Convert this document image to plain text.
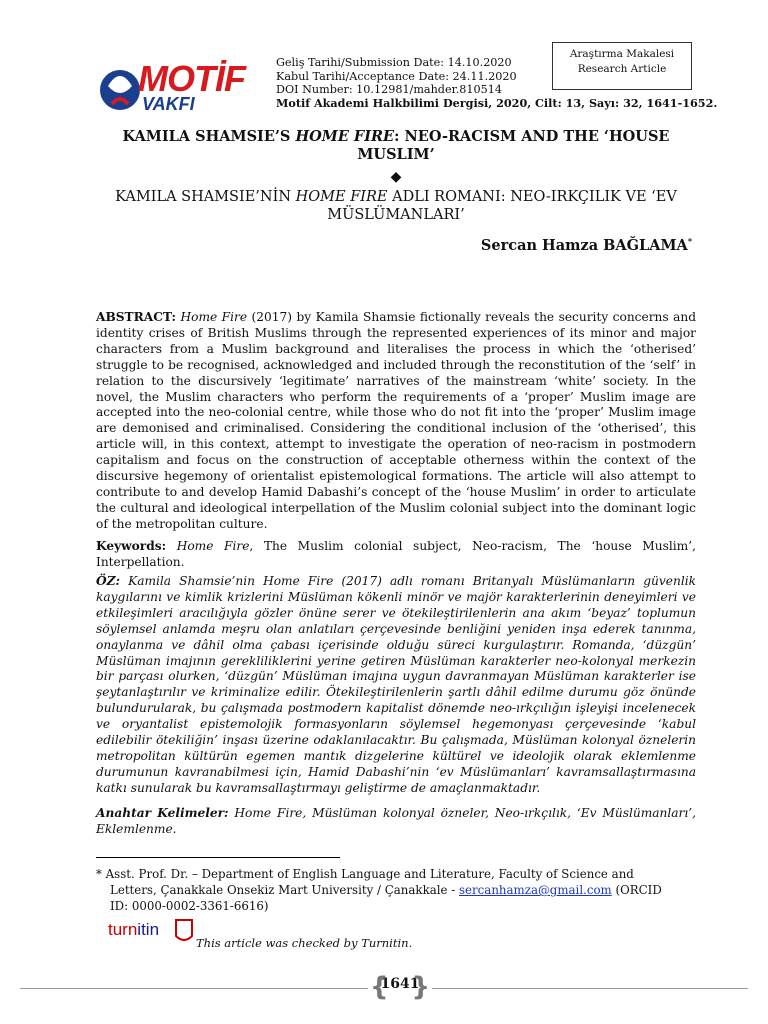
MOTİF
VAKFI
Geliş Tarihi/Submission Date: 14.10.2020
Kabul Tarihi/Acceptance Date: 24.11.2020
DOI Number: 10.12981/mahder.810514
Motif Akademi Halkbilimi Dergisi, 2020, Cilt: 13, Sayı: 32, 1641-1652.
Araştırma Makalesi
Research Article
KAMILA SHAMSIE’S HOME FIRE: NEO-RACISM AND THE ‘HOUSE MUSLIM’
◆
KAMILA SHAMSIE’NİN HOME FIRE ADLI ROMANI: NEO-IRKÇILIK VE ‘EV MÜSLÜMANLARI’
Sercan Hamza BAĞLAMA*
ABSTRACT: Home Fire (2017) by Kamila Shamsie fictionally reveals the security concerns and identity crises of British Muslims through the represented experiences of its minor and major characters from a Muslim background and literalises the process in which the ‘otherised’ struggle to be recognised, acknowledged and included through the reconstitution of the ‘self’ in relation to the discursively ‘legitimate’ narratives of the mainstream ‘white’ society. In the novel, the Muslim characters who perform the requirements of a ‘proper’ Muslim image are accepted into the neo-colonial centre, while those who do not fit into the ‘proper’ Muslim image are demonised and criminalised. Considering the conditional inclusion of the ‘otherised’, this article will, in this context, attempt to investigate the operation of neo-racism in postmodern capitalism and focus on the construction of acceptable otherness within the context of the discursive hegemony of orientalist epistemological formations. The article will also attempt to contribute to and develop Hamid Dabashi’s concept of the ‘house Muslim’ in order to articulate the cultural and ideological interpellation of the Muslim colonial subject into the dominant logic of the metropolitan culture.
Keywords: Home Fire, The Muslim colonial subject, Neo-racism, The ‘house Muslim’, Interpellation.
ÖZ: Kamila Shamsie’nin Home Fire (2017) adlı romanı Britanyalı Müslümanların güvenlik kaygılarını ve kimlik krizlerini Müslüman kökenli minör ve majör karakterlerinin deneyimleri ve etkileşimleri aracılığıyla gözler önüne serer ve ötekileştirilenlerin ana akım ‘beyaz’ toplumun söylemsel anlamda meşru olan anlatıları çerçevesinde benliğini yeniden inşa ederek tanınma, onaylanma ve dâhil olma çabası içerisinde olduğu süreci kurgulaştırır. Romanda, ‘düzgün’ Müslüman imajının gerekliliklerini yerine getiren Müslüman karakterler neo-kolonyal merkezin bir parçası olurken, ‘düzgün’ Müslüman imajına uygun davranmayan Müslüman karakterler ise şeytanlaştırılır ve kriminalize edilir. Ötekileştirilenlerin şartlı dâhil edilme durumu göz önünde bulundurularak, bu çalışmada postmodern kapitalist dönemde neo-ırkçılığın işleyişi incelenecek ve oryantalist epistemolojik formasyonların söylemsel hegemonyası çerçevesinde ‘kabul edilebilir ötekiliğin’ inşası üzerine odaklanılacaktır. Bu çalışmada, Müslüman kolonyal öznelerin metropolitan kültürün egemen mantık dizgelerine kültürel ve ideolojik olarak eklemlenme durumunun kavranabilmesi için, Hamid Dabashi’nin ‘ev Müslümanları’ kavramsallaştırmasına katkı sunularak bu kavramsallaştırmayı geliştirme de amaçlanmaktadır.
Anahtar Kelimeler: Home Fire, Müslüman kolonyal özneler, Neo-ırkçılık, ‘Ev Müslümanları’, Eklemlenme.
* Asst. Prof. Dr. – Department of English Language and Literature, Faculty of Science and
Letters, Çanakkale Onsekiz Mart University / Çanakkale - sercanhamza@gmail.com (ORCID
ID: 0000-0002-3361-6616)
turnitin
This article was checked by Turnitin.
{
1641
}
